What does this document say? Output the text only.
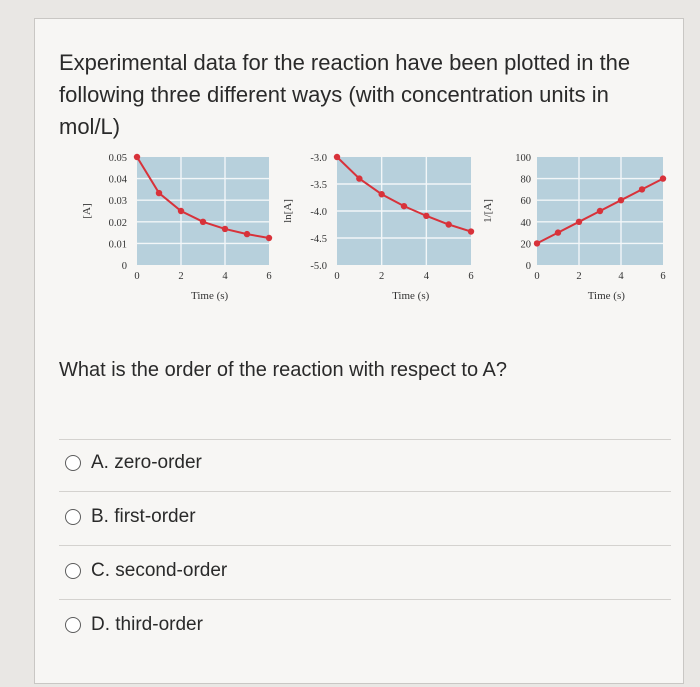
Experimental data for the reaction have been plotted in the following three different ways (with concentration units in mol/L)

0
0.01
0.02
0.03
0.04
0.05
0	2	4	6
Time (s)
[A]
-5.0
-4.5
-4.0
-3.5
-3.0
0	2	4	6
Time (s)
ln[A]
0
20
40
60
80
100
0	2	4	6
Time (s)
1/[A]

What is the order of the reaction with respect to A?

A. zero-order
B. first-order
C. second-order
D. third-order
